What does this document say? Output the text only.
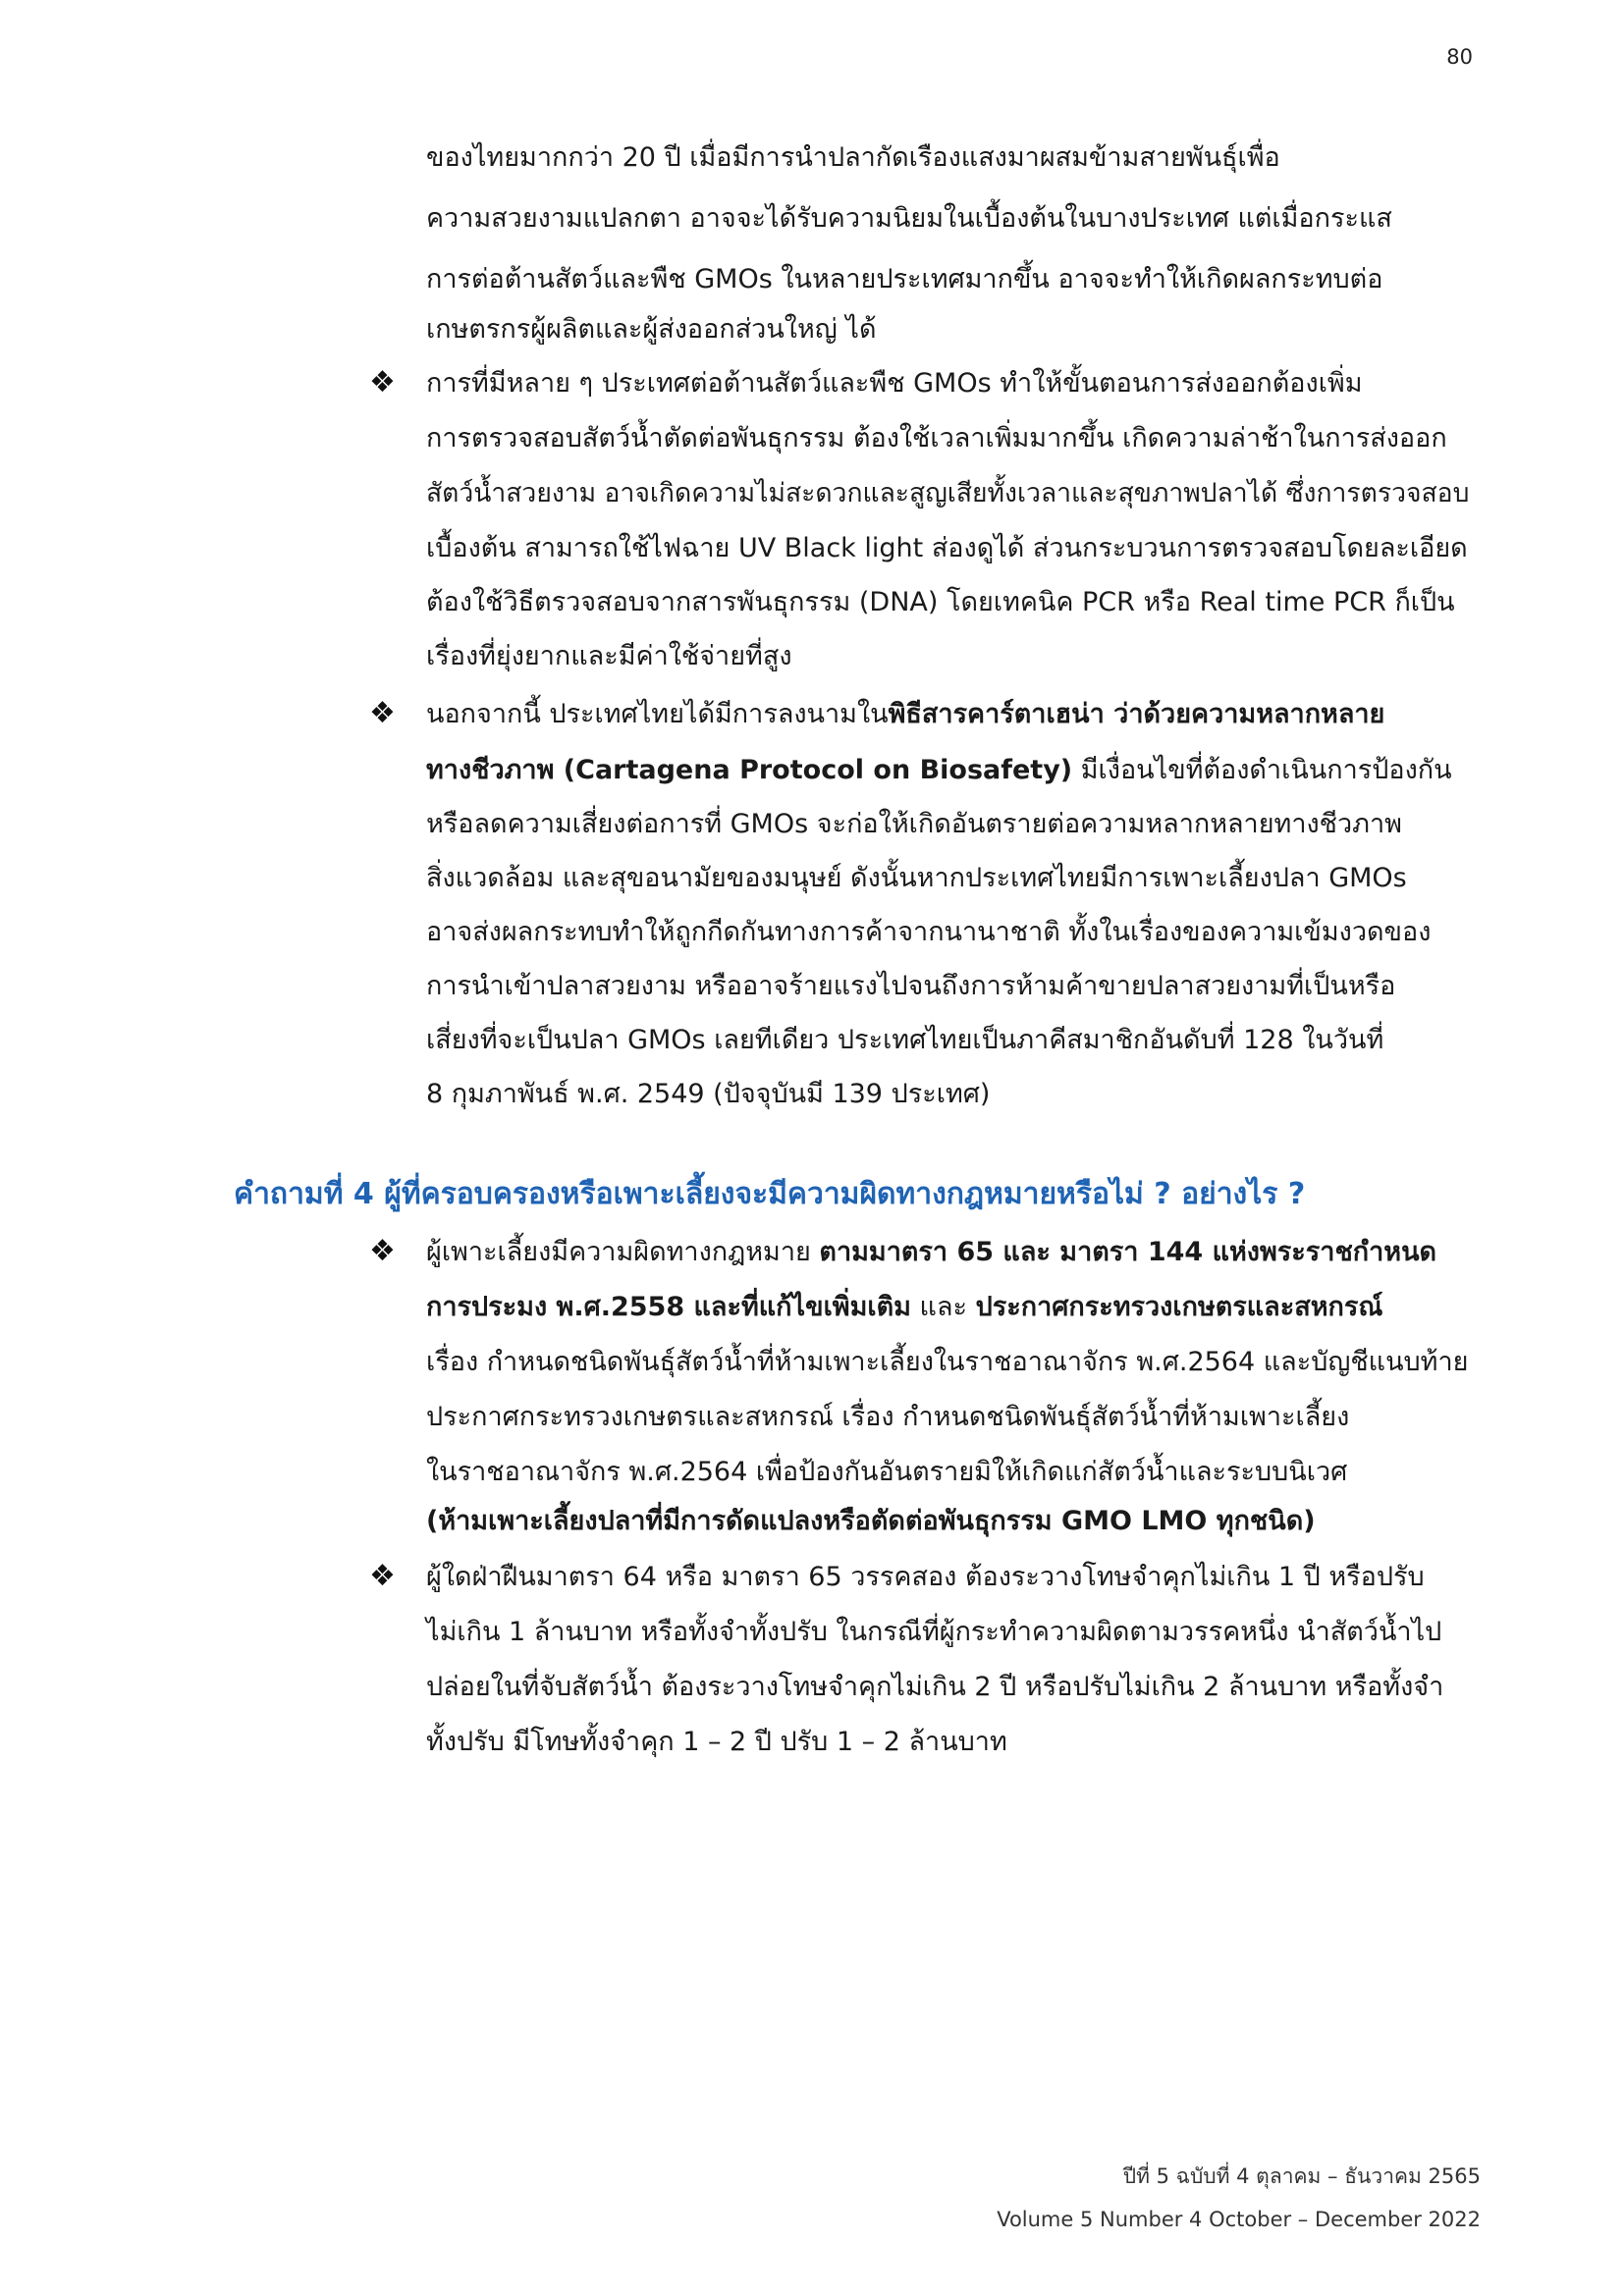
80
ของไทยมากกว่า 20 ปี เมื่อมีการนำปลากัดเรืองแสงมาผสมข้ามสายพันธุ์เพื่อ
ความสวยงามแปลกตา อาจจะได้รับความนิยมในเบื้องต้นในบางประเทศ แต่เมื่อกระแส
การต่อต้านสัตว์และพืช GMOs ในหลายประเทศมากขึ้น อาจจะทำให้เกิดผลกระทบต่อ
เกษตรกรผู้ผลิตและผู้ส่งออกส่วนใหญ่ ได้
❖ การที่มีหลาย ๆ ประเทศต่อต้านสัตว์และพืช GMOs ทำให้ขั้นตอนการส่งออกต้องเพิ่ม
การตรวจสอบสัตว์น้ำตัดต่อพันธุกรรม ต้องใช้เวลาเพิ่มมากขึ้น เกิดความล่าช้าในการส่งออก
สัตว์น้ำสวยงาม อาจเกิดความไม่สะดวกและสูญเสียทั้งเวลาและสุขภาพปลาได้ ซึ่งการตรวจสอบ
เบื้องต้น สามารถใช้ไฟฉาย UV Black light ส่องดูได้ ส่วนกระบวนการตรวจสอบโดยละเอียด
ต้องใช้วิธีตรวจสอบจากสารพันธุกรรม (DNA) โดยเทคนิค PCR หรือ Real time PCR ก็เป็น
เรื่องที่ยุ่งยากและมีค่าใช้จ่ายที่สูง
❖ นอกจากนี้ ประเทศไทยได้มีการลงนามในพิธีสารคาร์ตาเฮน่า ว่าด้วยความหลากหลาย
ทางชีวภาพ (Cartagena Protocol on Biosafety) มีเงื่อนไขที่ต้องดำเนินการป้องกัน
หรือลดความเสี่ยงต่อการที่ GMOs จะก่อให้เกิดอันตรายต่อความหลากหลายทางชีวภาพ
สิ่งแวดล้อม และสุขอนามัยของมนุษย์ ดังนั้นหากประเทศไทยมีการเพาะเลี้ยงปลา GMOs
อาจส่งผลกระทบทำให้ถูกกีดกันทางการค้าจากนานาชาติ ทั้งในเรื่องของความเข้มงวดของ
การนำเข้าปลาสวยงาม หรืออาจร้ายแรงไปจนถึงการห้ามค้าขายปลาสวยงามที่เป็นหรือ
เสี่ยงที่จะเป็นปลา GMOs เลยทีเดียว ประเทศไทยเป็นภาคีสมาชิกอันดับที่ 128 ในวันที่
8 กุมภาพันธ์ พ.ศ. 2549 (ปัจจุบันมี 139 ประเทศ)
คำถามที่ 4 ผู้ที่ครอบครองหรือเพาะเลี้ยงจะมีความผิดทางกฎหมายหรือไม่ ? อย่างไร ?
❖ ผู้เพาะเลี้ยงมีความผิดทางกฎหมาย ตามมาตรา 65 และ มาตรา 144 แห่งพระราชกำหนด
การประมง พ.ศ.2558 และที่แก้ไขเพิ่มเติม และ ประกาศกระทรวงเกษตรและสหกรณ์
เรื่อง กำหนดชนิดพันธุ์สัตว์น้ำที่ห้ามเพาะเลี้ยงในราชอาณาจักร พ.ศ.2564 และบัญชีแนบท้าย
ประกาศกระทรวงเกษตรและสหกรณ์ เรื่อง กำหนดชนิดพันธุ์สัตว์น้ำที่ห้ามเพาะเลี้ยง
ในราชอาณาจักร พ.ศ.2564 เพื่อป้องกันอันตรายมิให้เกิดแก่สัตว์น้ำและระบบนิเวศ
(ห้ามเพาะเลี้ยงปลาที่มีการดัดแปลงหรือตัดต่อพันธุกรรม GMO LMO ทุกชนิด)
❖ ผู้ใดฝ่าฝืนมาตรา 64 หรือ มาตรา 65 วรรคสอง ต้องระวางโทษจำคุกไม่เกิน 1 ปี หรือปรับ
ไม่เกิน 1 ล้านบาท หรือทั้งจำทั้งปรับ ในกรณีที่ผู้กระทำความผิดตามวรรคหนึ่ง นำสัตว์น้ำไป
ปล่อยในที่จับสัตว์น้ำ ต้องระวางโทษจำคุกไม่เกิน 2 ปี หรือปรับไม่เกิน 2 ล้านบาท หรือทั้งจำ
ทั้งปรับ มีโทษทั้งจำคุก 1 – 2 ปี ปรับ 1 – 2 ล้านบาท
ปีที่ 5 ฉบับที่ 4 ตุลาคม – ธันวาคม 2565
Volume 5 Number 4 October – December 2022
